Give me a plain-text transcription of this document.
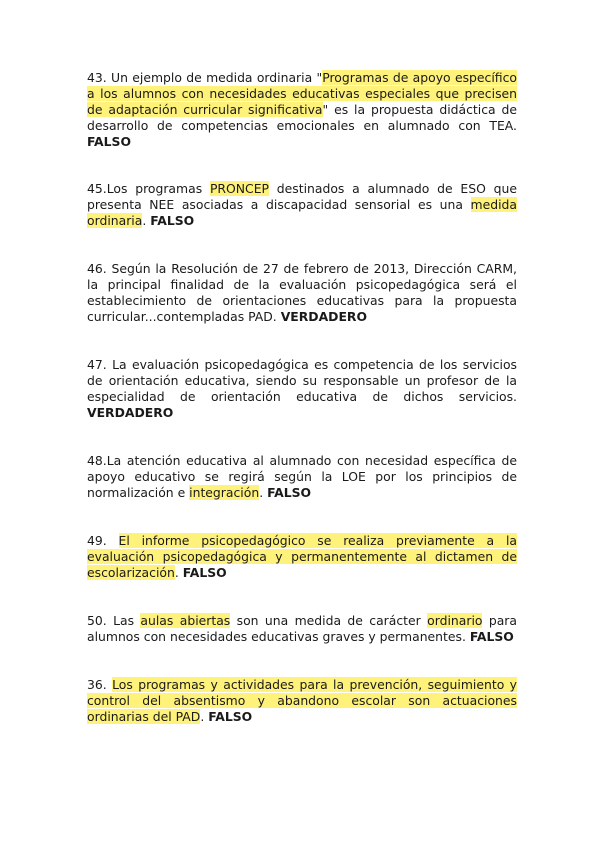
43. Un ejemplo de medida ordinaria "Programas de apoyo específico a los alumnos con necesidades educativas especiales que precisen de adaptación curricular significativa" es la propuesta didáctica de desarrollo de competencias emocionales en alumnado con TEA. FALSO

45.Los programas PRONCEP destinados a alumnado de ESO que presenta NEE asociadas a discapacidad sensorial es una medida ordinaria. FALSO

46. Según la Resolución de 27 de febrero de 2013, Dirección CARM, la principal finalidad de la evaluación psicopedagógica será el establecimiento de orientaciones educativas para la propuesta curricular...contempladas PAD. VERDADERO

47. La evaluación psicopedagógica es competencia de los servicios de orientación educativa, siendo su responsable un profesor de la especialidad de orientación educativa de dichos servicios. VERDADERO

48.La atención educativa al alumnado con necesidad específica de apoyo educativo se regirá según la LOE por los principios de normalización e integración. FALSO

49. El informe psicopedagógico se realiza previamente a la evaluación psicopedagógica y permanentemente al dictamen de escolarización. FALSO

50. Las aulas abiertas son una medida de carácter ordinario para alumnos con necesidades educativas graves y permanentes. FALSO

36. Los programas y actividades para la prevención, seguimiento y control del absentismo y abandono escolar son actuaciones ordinarias del PAD. FALSO
